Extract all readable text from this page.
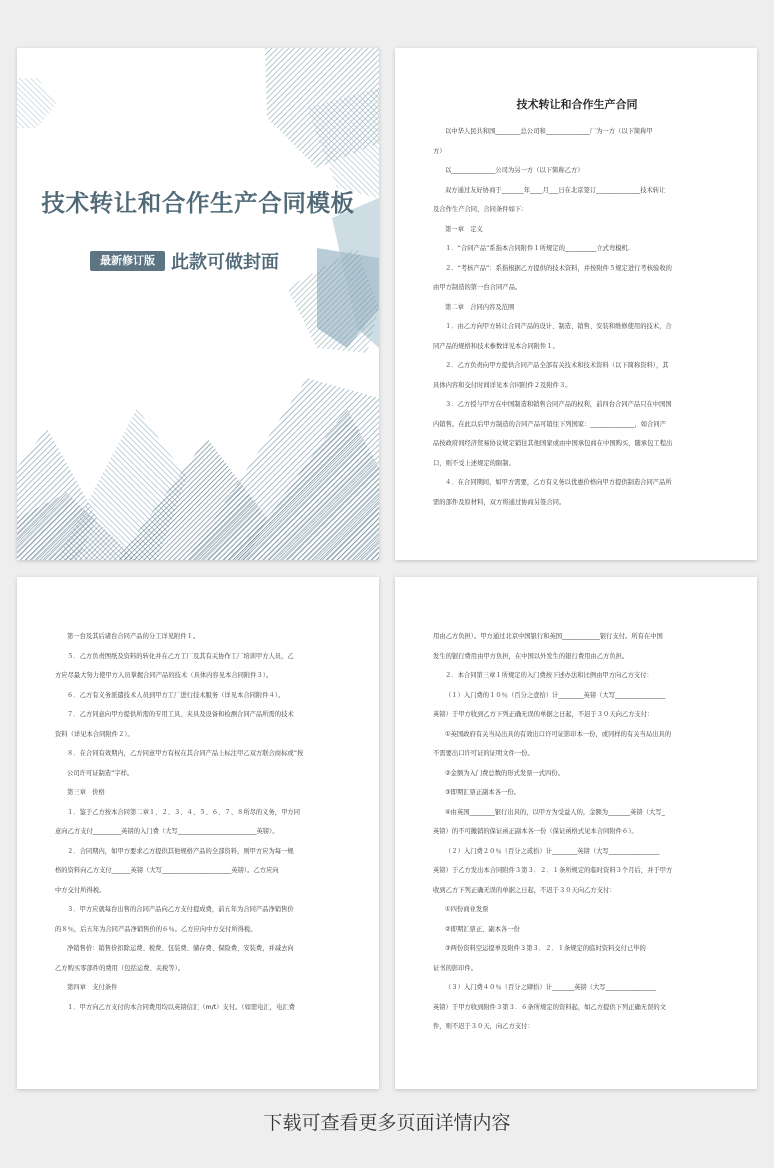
技术转让和合作生产合同模板
最新修订版 此款可做封面
技术转让和合作生产合同

以中华人民共和国________总公司和______________厂为一方（以下简称甲

方）

以______________公司为另一方（以下简称乙方）

双方通过友好协商于_______年____月___日在北京签订______________技术转让

及合作生产合同，合同条件如下：

第一章　定义

１．“合同产品”系指本合同附件１所规定的__________立式弯模机.

２．“考核产品”：系指根据乙方提供的技术资料，并按附件５规定进行考核验收的

由甲方制造的第一台合同产品。

第二章　合同内容及范围

１．由乙方向甲方转让合同产品的设计、制造、销售、安装和维修使用的技术，合

同产品的规格和技术参数详见本合同附件１。

２．乙方负责向甲方提供合同产品全部有关技术和技术资料（以下简称资料），其

具体内容和交付时间详见本合同附件２及附件３。

３．乙方授与甲方在中国制造和销售合同产品的权利，前四台合同产品只在中国国

内销售。在此以后甲方制造的合同产品可销往下列国家：______________，如合同产

品按政府间经济贸易协议规定销往其他国家或由中国承包商在中国购买，随承包工程出

口，则不受上述规定的限制。

４．在合同期间，如甲方需要，乙方有义务以优惠价格向甲方提供制造合同产品所

需的部件及原材料，双方将通过协商另签合同。

第一台及其后诸台合同产品的分工详见附件１。

５．乙方负责图纸及资料的转化并在乙方工厂及其有关协作工厂培训甲方人员，乙

方应尽最大努力使甲方人员掌握合同产品的技术（具体内容见本合同附件３）。

６．乙方有义务派遣技术人员到甲方工厂进行技术服务（详见本合同附件４）。

７．乙方同意向甲方提供所需的专用工具、夹具及设备和检测合同产品所需的技术

资料（详见本合同附件２）。

８．在合同有效期内，乙方同意甲方有权在其合同产品上标注甲乙双方联合商标或”按

公司许可证制造”字样。

第三章　价格

１．鉴于乙方按本合同第二章１、２、３、４、５、６、７、８所尽的义务，甲方同

意向乙方支付_________英镑的入门费（大写_________________________英镑）。

２．合同期内，如甲方要求乙方提供其他规格产品的全部资料，则甲方应为每一规

格的资料向乙方支付______英镑（大写______________________英镑）。乙方应向

中方交付所得税。

３．甲方应就每台出售的合同产品向乙方支付提成费，前五年为合同产品净销售价

的８％，后五年为合同产品净销售价的６％。乙方应向中方交付所得税。

净销售价：销售价扣除运费、税费、包装费、储存费、保险费、安装费，并减去向

乙方购买零部件的费用（包括运费、关税等）。

第四章　支付条件

１．甲方向乙方支付的本合同费用均以英镑信汇（m/t）支付。（如需电汇，电汇费

用由乙方负担）。甲方通过北京中国银行和英国____________银行支付。所有在中国

发生的银行费用由甲方负担，在中国以外发生的银行费用由乙方负担。

２．本合同第三章１所规定的入门费按下述办法和比例由甲方向乙方支付：

（１）入门费的１０％（百分之壹拾）计________英镑（大写________________

英镑）于甲方收到乙方下列正确无误的单据之日起，不迟于３０天向乙方支付：

①英国政府有关当局出具的有效出口许可证影印本一份，或同样的有关当局出具的

不需要出口许可证的证明文件一份。

②金额为入门费总数的形式发票一式四份。

③即期汇票正副本各一份。

④由英国________银行出具的，以甲方为受益人的，金额为_______英镑（大写_

英镑）的不可撤销的保证函正副本各一份（保证函格式见本合同附件６）。

（２）入门费２０％（百分之贰拾）计________英镑（大写________________

英镑）于乙方发出本合同附件３第３．２．１条所规定的临时资料３个月后，并于甲方

收到乙方下列正确无误的单据之日起，不迟于３０天向乙方支付：

①四份商业发票

②即期汇票正、副本各一份

③两份资料空运提单及附件３第３．２．１条规定的临时资料交付已毕的

证书的影印件。

（３）入门费４０％（百分之肆拾）计_______英镑（大写________________

英镑）于甲方收到附件３第３．６条所规定的资料起，如乙方提供下列正确无误的文

件，则不迟于３０天，向乙方支付：

下载可查看更多页面详情内容
